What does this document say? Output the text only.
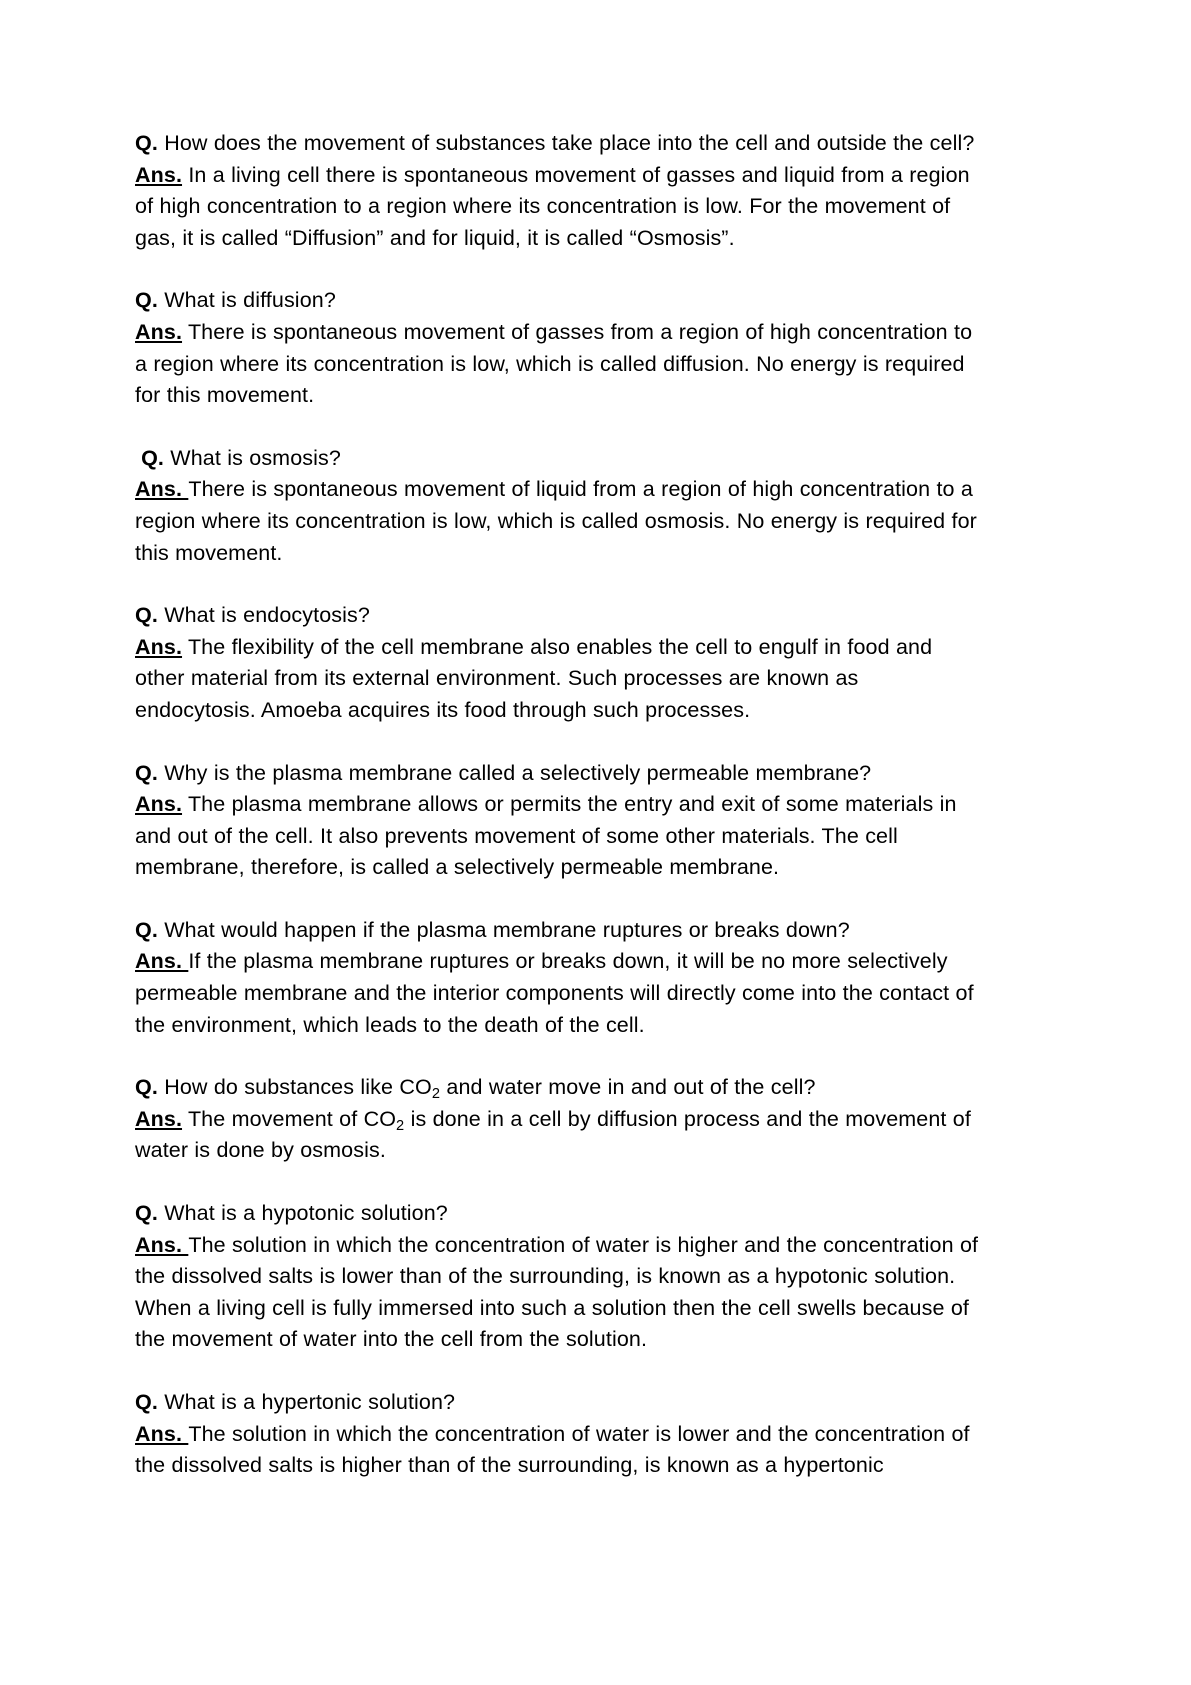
Q. How does the movement of substances take place into the cell and outside the cell?

Ans. In a living cell there is spontaneous movement of gasses and liquid from a region of high concentration to a region where its concentration is low. For the movement of gas, it is called “Diffusion” and for liquid, it is called “Osmosis”.

Q. What is diffusion?

Ans. There is spontaneous movement of gasses from a region of high concentration to a region where its concentration is low, which is called diffusion. No energy is required for this movement.

Q. What is osmosis?

Ans. There is spontaneous movement of liquid from a region of high concentration to a region where its concentration is low, which is called osmosis. No energy is required for this movement.

Q. What is endocytosis?

Ans. The flexibility of the cell membrane also enables the cell to engulf in food and other material from its external environment. Such processes are known as endocytosis. Amoeba acquires its food through such processes.

Q. Why is the plasma membrane called a selectively permeable membrane?

Ans. The plasma membrane allows or permits the entry and exit of some materials in and out of the cell. It also prevents movement of some other materials. The cell membrane, therefore, is called a selectively permeable membrane.

Q. What would happen if the plasma membrane ruptures or breaks down?

Ans. If the plasma membrane ruptures or breaks down, it will be no more selectively permeable membrane and the interior components will directly come into the contact of the environment, which leads to the death of the cell.

Q. How do substances like $CO_2$ and water move in and out of the cell?

Ans. The movement of $CO_2$ is done in a cell by diffusion process and the movement of water is done by osmosis.

Q. What is a hypotonic solution?

Ans. The solution in which the concentration of water is higher and the concentration of the dissolved salts is lower than of the surrounding, is known as a hypotonic solution. When a living cell is fully immersed into such a solution then the cell swells because of the movement of water into the cell from the solution.

Q. What is a hypertonic solution?

Ans. The solution in which the concentration of water is lower and the concentration of the dissolved salts is higher than of the surrounding, is known as a hypertonic
